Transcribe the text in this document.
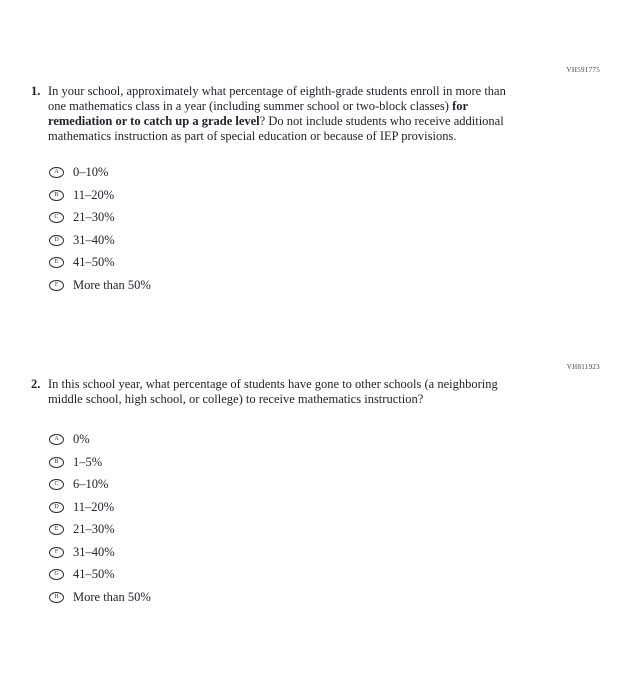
VH591775
1. In your school, approximately what percentage of eighth-grade students enroll in more than one mathematics class in a year (including summer school or two-block classes) for remediation or to catch up a grade level? Do not include students who receive additional mathematics instruction as part of special education or because of IEP provisions.
A	0–10%
B	11–20%
C	21–30%
D	31–40%
E	41–50%
F	More than 50%
VH811923
2. In this school year, what percentage of students have gone to other schools (a neighboring middle school, high school, or college) to receive mathematics instruction?
A	0%
B	1–5%
C	6–10%
D	11–20%
E	21–30%
F	31–40%
G	41–50%
H	More than 50%
